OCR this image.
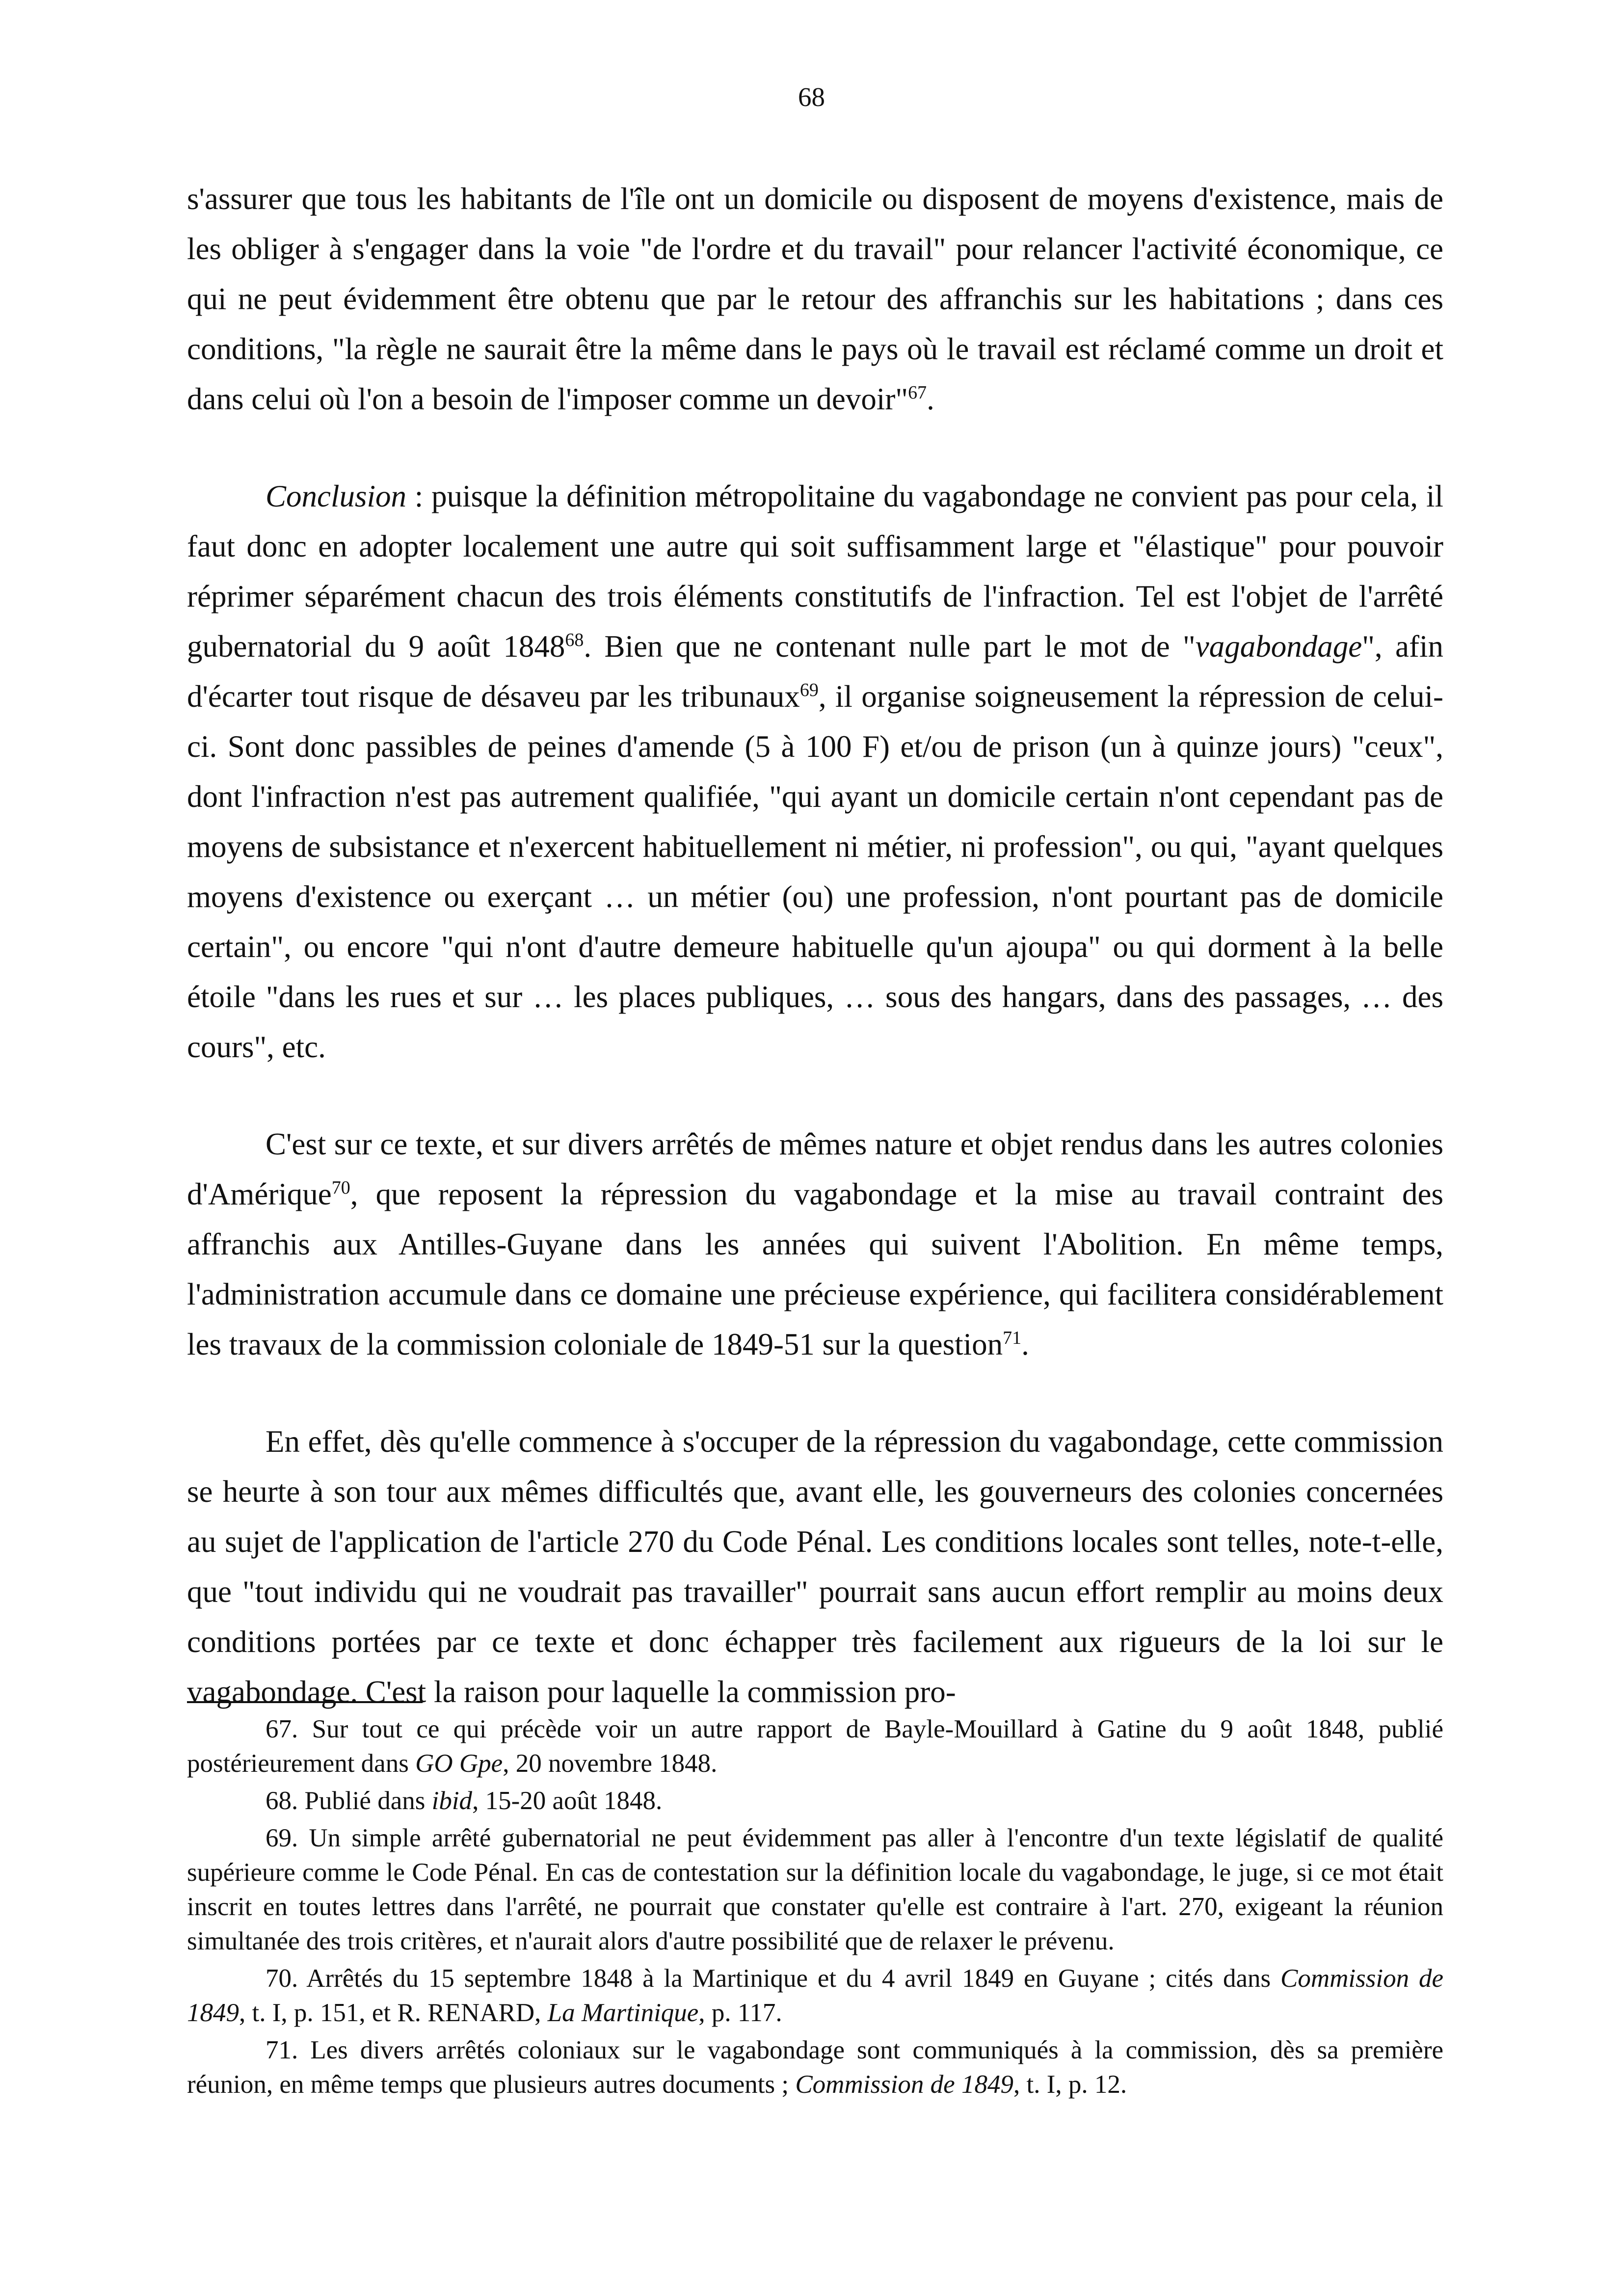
68

s'assurer que tous les habitants de l'île ont un domicile ou disposent de moyens d'existence, mais de les obliger à s'engager dans la voie "de l'ordre et du travail" pour relancer l'activité économique, ce qui ne peut évidemment être obtenu que par le retour des affranchis sur les habitations ; dans ces conditions, "la règle ne saurait être la même dans le pays où le travail est réclamé comme un droit et dans celui où l'on a besoin de l'imposer comme un devoir"$^{67}$.

Conclusion : puisque la définition métropolitaine du vagabondage ne convient pas pour cela, il faut donc en adopter localement une autre qui soit suffisamment large et "élastique" pour pouvoir réprimer séparément chacun des trois éléments constitutifs de l'infraction. Tel est l'objet de l'arrêté gubernatorial du 9 août 1848$^{68}$. Bien que ne contenant nulle part le mot de "vagabondage", afin d'écarter tout risque de désaveu par les tribunaux$^{69}$, il organise soigneusement la répression de celui-ci. Sont donc passibles de peines d'amende (5 à 100 F) et/ou de prison (un à quinze jours) "ceux", dont l'infraction n'est pas autrement qualifiée, "qui ayant un domicile certain n'ont cependant pas de moyens de subsistance et n'exercent habituellement ni métier, ni profession", ou qui, "ayant quelques moyens d'existence ou exerçant … un métier (ou) une profession, n'ont pourtant pas de domicile certain", ou encore "qui n'ont d'autre demeure habituelle qu'un ajoupa" ou qui dorment à la belle étoile "dans les rues et sur … les places publiques, … sous des hangars, dans des passages, … des cours", etc.

C'est sur ce texte, et sur divers arrêtés de mêmes nature et objet rendus dans les autres colonies d'Amérique$^{70}$, que reposent la répression du vagabondage et la mise au travail contraint des affranchis aux Antilles-Guyane dans les années qui suivent l'Abolition. En même temps, l'administration accumule dans ce domaine une précieuse expérience, qui facilitera considérablement les travaux de la commission coloniale de 1849-51 sur la question$^{71}$.

En effet, dès qu'elle commence à s'occuper de la répression du vagabondage, cette commission se heurte à son tour aux mêmes difficultés que, avant elle, les gouverneurs des colonies concernées au sujet de l'application de l'article 270 du Code Pénal. Les conditions locales sont telles, note-t-elle, que "tout individu qui ne voudrait pas travailler" pourrait sans aucun effort remplir au moins deux conditions portées par ce texte et donc échapper très facilement aux rigueurs de la loi sur le vagabondage. C'est la raison pour laquelle la commission pro-

67. Sur tout ce qui précède voir un autre rapport de Bayle-Mouillard à Gatine du 9 août 1848, publié postérieurement dans GO Gpe, 20 novembre 1848.

68. Publié dans ibid, 15-20 août 1848.

69. Un simple arrêté gubernatorial ne peut évidemment pas aller à l'encontre d'un texte législatif de qualité supérieure comme le Code Pénal. En cas de contestation sur la définition locale du vagabondage, le juge, si ce mot était inscrit en toutes lettres dans l'arrêté, ne pourrait que constater qu'elle est contraire à l'art. 270, exigeant la réunion simultanée des trois critères, et n'aurait alors d'autre possibilité que de relaxer le prévenu.

70. Arrêtés du 15 septembre 1848 à la Martinique et du 4 avril 1849 en Guyane ; cités dans Commission de 1849, t. I, p. 151, et R. RENARD, La Martinique, p. 117.

71. Les divers arrêtés coloniaux sur le vagabondage sont communiqués à la commission, dès sa première réunion, en même temps que plusieurs autres documents ; Commission de 1849, t. I, p. 12.
